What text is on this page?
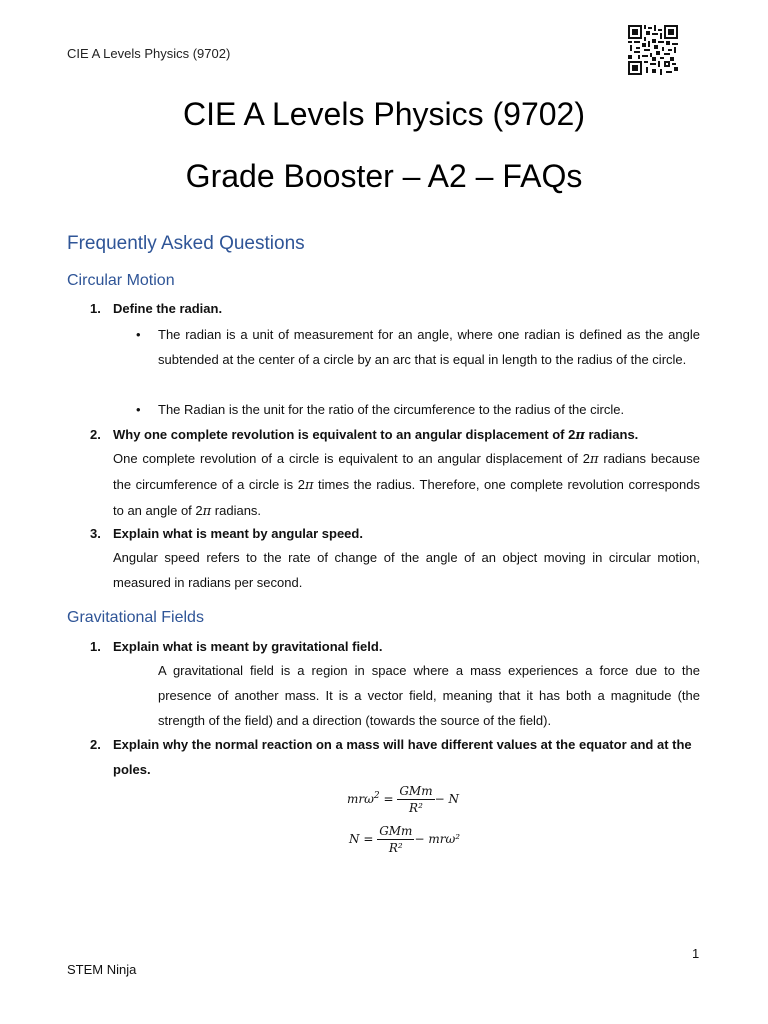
CIE A Levels Physics (9702)
CIE A Levels Physics (9702)
Grade Booster – A2 – FAQs
Frequently Asked Questions
Circular Motion
1. Define the radian.
• The radian is a unit of measurement for an angle, where one radian is defined as the angle subtended at the center of a circle by an arc that is equal in length to the radius of the circle.
• The Radian is the unit for the ratio of the circumference to the radius of the circle.
2. Why one complete revolution is equivalent to an angular displacement of 2π radians.
One complete revolution of a circle is equivalent to an angular displacement of 2π radians because the circumference of a circle is 2π times the radius. Therefore, one complete revolution corresponds to an angle of 2π radians.
3. Explain what is meant by angular speed.
Angular speed refers to the rate of change of the angle of an object moving in circular motion, measured in radians per second.
Gravitational Fields
1. Explain what is meant by gravitational field.
A gravitational field is a region in space where a mass experiences a force due to the presence of another mass. It is a vector field, meaning that it has both a magnitude (the strength of the field) and a direction (towards the source of the field).
2. Explain why the normal reaction on a mass will have different values at the equator and at the poles.
$mr\omega^2 = \frac{\text{GMm}}{\text{R²}} - N$
$N = \frac{\text{GMm}}{\text{R²}} - mr\omega^2$
1
STEM Ninja
